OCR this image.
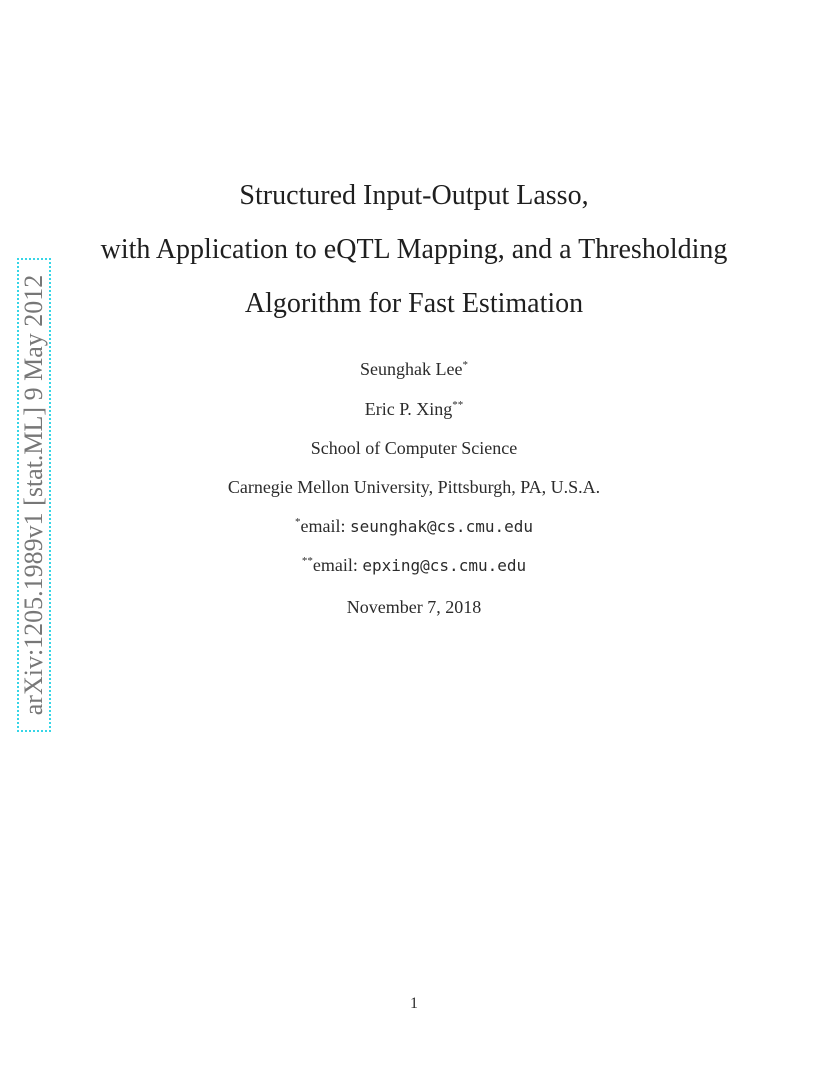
arXiv:1205.1989v1 [stat.ML] 9 May 2012
Structured Input-Output Lasso,
with Application to eQTL Mapping, and a Thresholding
Algorithm for Fast Estimation
Seunghak Lee*
Eric P. Xing**
School of Computer Science
Carnegie Mellon University, Pittsburgh, PA, U.S.A.
*email: seunghak@cs.cmu.edu
**email: epxing@cs.cmu.edu
November 7, 2018
1
